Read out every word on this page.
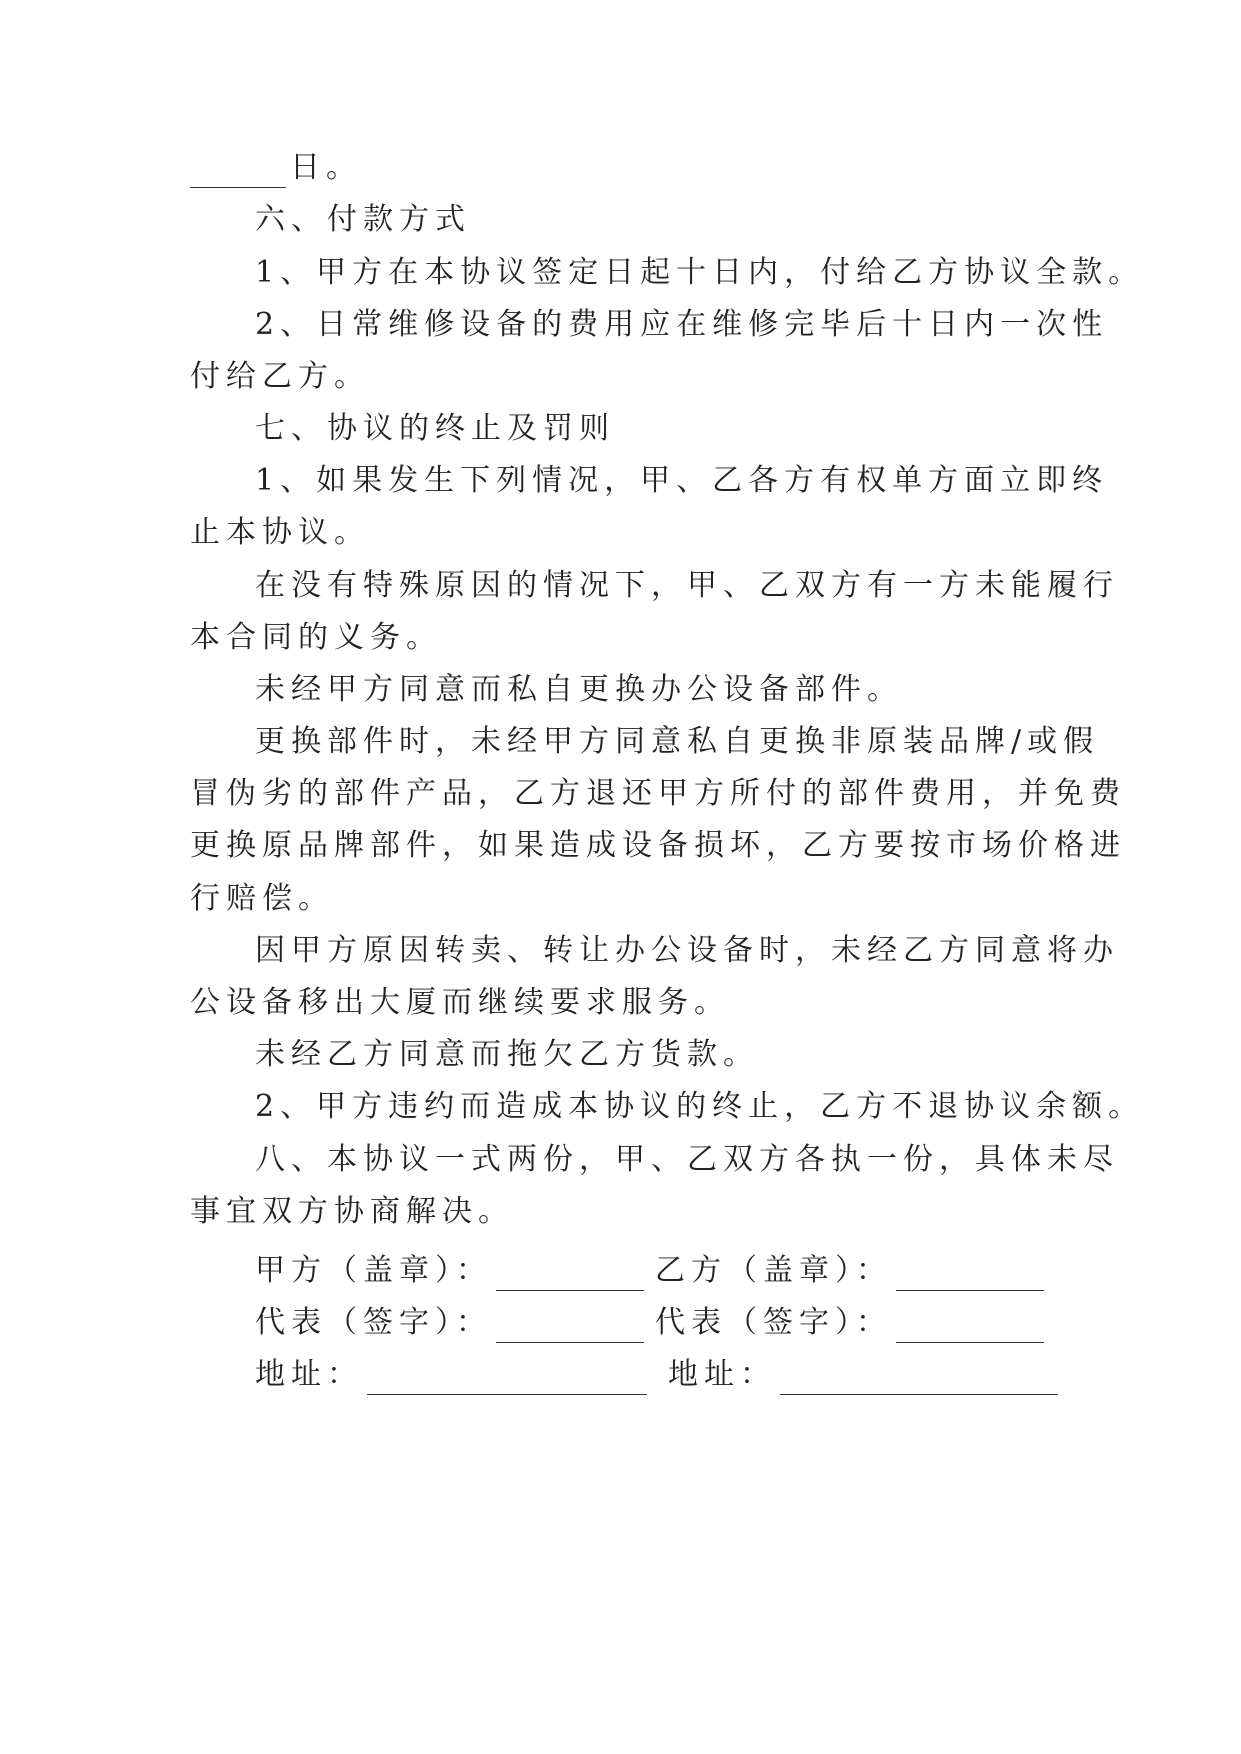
日。
六、付款方式
1、甲方在本协议签定日起十日内，付给乙方协议全款。
2、日常维修设备的费用应在维修完毕后十日内一次性
付给乙方。
七、协议的终止及罚则
1、如果发生下列情况，甲、乙各方有权单方面立即终
止本协议。
在没有特殊原因的情况下，甲、乙双方有一方未能履行
本合同的义务。
未经甲方同意而私自更换办公设备部件。
更换部件时，未经甲方同意私自更换非原装品牌/或假
冒伪劣的部件产品，乙方退还甲方所付的部件费用，并免费
更换原品牌部件，如果造成设备损坏，乙方要按市场价格进
行赔偿。
因甲方原因转卖、转让办公设备时，未经乙方同意将办
公设备移出大厦而继续要求服务。
未经乙方同意而拖欠乙方货款。
2、甲方违约而造成本协议的终止，乙方不退协议余额。
八、本协议一式两份，甲、乙双方各执一份，具体未尽
事宜双方协商解决。
甲方（盖章）：	乙方（盖章）：
代表（签字）：	代表（签字）：
地址：	地址：
